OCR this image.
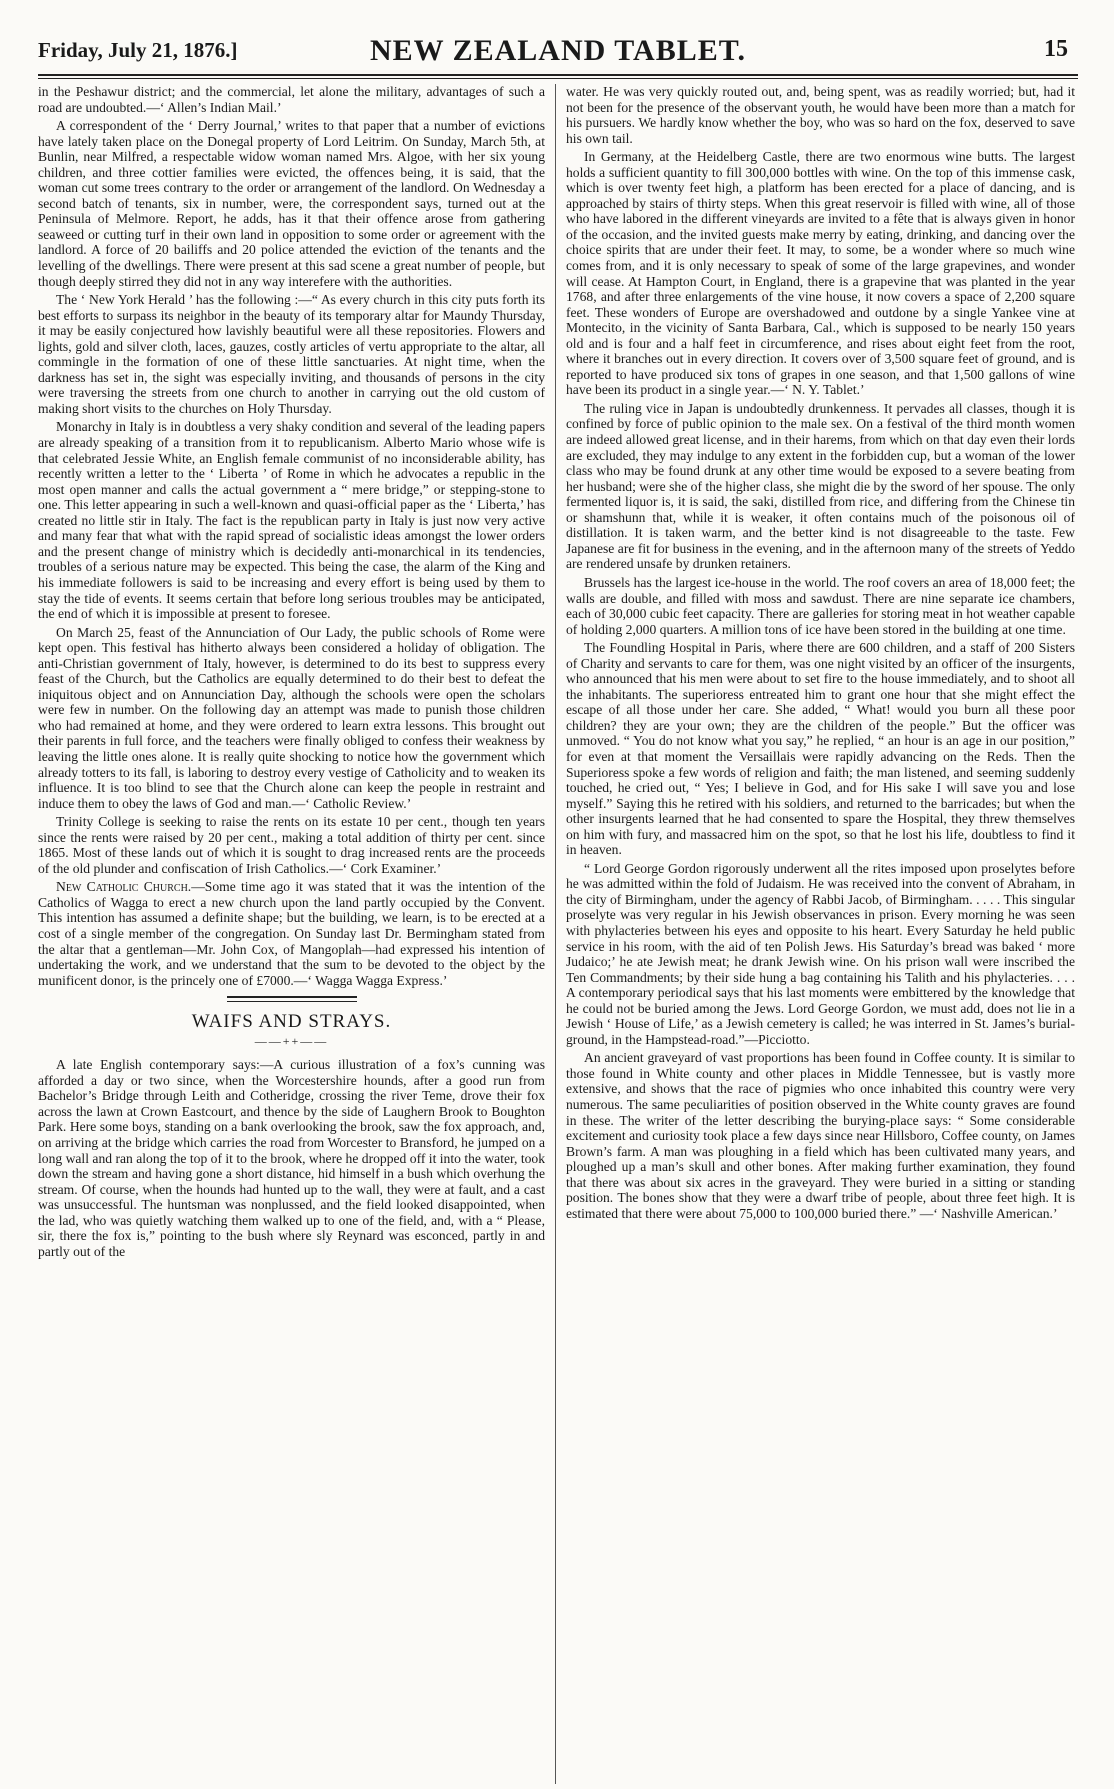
Friday, July 21, 1876.]	NEW ZEALAND TABLET.	15

in the Peshawur district; and the commercial, let alone the military, advantages of such a road are undoubted.—‘ Allen’s Indian Mail.’

A correspondent of the ‘ Derry Journal,’ writes to that paper that a number of evictions have lately taken place on the Donegal property of Lord Leitrim. On Sunday, March 5th, at Bunlin, near Milfred, a respectable widow woman named Mrs. Algoe, with her six young children, and three cottier families were evicted, the offences being, it is said, that the woman cut some trees contrary to the order or arrangement of the landlord. On Wednesday a second batch of tenants, six in number, were, the correspondent says, turned out at the Peninsula of Melmore. Report, he adds, has it that their offence arose from gathering seaweed or cutting turf in their own land in opposition to some order or agreement with the landlord. A force of 20 bailiffs and 20 police attended the eviction of the tenants and the levelling of the dwellings. There were present at this sad scene a great number of people, but though deeply stirred they did not in any way interefere with the authorities.

The ‘ New York Herald ’ has the following :—“ As every church in this city puts forth its best efforts to surpass its neighbor in the beauty of its temporary altar for Maundy Thursday, it may be easily conjectured how lavishly beautiful were all these repositories. Flowers and lights, gold and silver cloth, laces, gauzes, costly articles of vertu appropriate to the altar, all commingle in the formation of one of these little sanctuaries. At night time, when the darkness has set in, the sight was especially inviting, and thousands of persons in the city were traversing the streets from one church to another in carrying out the old custom of making short visits to the churches on Holy Thursday.

Monarchy in Italy is in doubtless a very shaky condition and several of the leading papers are already speaking of a transition from it to republicanism. Alberto Mario whose wife is that celebrated Jessie White, an English female communist of no inconsiderable ability, has recently written a letter to the ‘ Liberta ’ of Rome in which he advocates a republic in the most open manner and calls the actual government a “ mere bridge,” or stepping-stone to one. This letter appearing in such a well-known and quasi-official paper as the ‘ Liberta,’ has created no little stir in Italy. The fact is the republican party in Italy is just now very active and many fear that what with the rapid spread of socialistic ideas amongst the lower orders and the present change of ministry which is decidedly anti-monarchical in its tendencies, troubles of a serious nature may be expected. This being the case, the alarm of the King and his immediate followers is said to be increasing and every effort is being used by them to stay the tide of events. It seems certain that before long serious troubles may be anticipated, the end of which it is impossible at present to foresee.

On March 25, feast of the Annunciation of Our Lady, the public schools of Rome were kept open. This festival has hitherto always been considered a holiday of obligation. The anti-Christian government of Italy, however, is determined to do its best to suppress every feast of the Church, but the Catholics are equally determined to do their best to defeat the iniquitous object and on Annunciation Day, although the schools were open the scholars were few in number. On the following day an attempt was made to punish those children who had remained at home, and they were ordered to learn extra lessons. This brought out their parents in full force, and the teachers were finally obliged to confess their weakness by leaving the little ones alone. It is really quite shocking to notice how the government which already totters to its fall, is laboring to destroy every vestige of Catholicity and to weaken its influence. It is too blind to see that the Church alone can keep the people in restraint and induce them to obey the laws of God and man.—‘ Catholic Review.’

Trinity College is seeking to raise the rents on its estate 10 per cent., though ten years since the rents were raised by 20 per cent., making a total addition of thirty per cent. since 1865. Most of these lands out of which it is sought to drag increased rents are the proceeds of the old plunder and confiscation of Irish Catholics.—‘ Cork Examiner.’

New Catholic Church.—Some time ago it was stated that it was the intention of the Catholics of Wagga to erect a new church upon the land partly occupied by the Convent. This intention has assumed a definite shape; but the building, we learn, is to be erected at a cost of a single member of the congregation. On Sunday last Dr. Bermingham stated from the altar that a gentleman—Mr. John Cox, of Mangoplah—had expressed his intention of undertaking the work, and we understand that the sum to be devoted to the object by the munificent donor, is the princely one of £7000.—‘ Wagga Wagga Express.’

WAIFS AND STRAYS.
——++——

A late English contemporary says:—A curious illustration of a fox’s cunning was afforded a day or two since, when the Worcestershire hounds, after a good run from Bachelor’s Bridge through Leith and Cotheridge, crossing the river Teme, drove their fox across the lawn at Crown Eastcourt, and thence by the side of Laughern Brook to Boughton Park. Here some boys, standing on a bank overlooking the brook, saw the fox approach, and, on arriving at the bridge which carries the road from Worcester to Bransford, he jumped on a long wall and ran along the top of it to the brook, where he dropped off it into the water, took down the stream and having gone a short distance, hid himself in a bush which overhung the stream. Of course, when the hounds had hunted up to the wall, they were at fault, and a cast was unsuccessful. The huntsman was nonplussed, and the field looked disappointed, when the lad, who was quietly watching them walked up to one of the field, and, with a “ Please, sir, there the fox is,” pointing to the bush where sly Reynard was esconced, partly in and partly out of the

water. He was very quickly routed out, and, being spent, was as readily worried; but, had it not been for the presence of the observant youth, he would have been more than a match for his pursuers. We hardly know whether the boy, who was so hard on the fox, deserved to save his own tail.

In Germany, at the Heidelberg Castle, there are two enormous wine butts. The largest holds a sufficient quantity to fill 300,000 bottles with wine. On the top of this immense cask, which is over twenty feet high, a platform has been erected for a place of dancing, and is approached by stairs of thirty steps. When this great reservoir is filled with wine, all of those who have labored in the different vineyards are invited to a fête that is always given in honor of the occasion, and the invited guests make merry by eating, drinking, and dancing over the choice spirits that are under their feet. It may, to some, be a wonder where so much wine comes from, and it is only necessary to speak of some of the large grapevines, and wonder will cease. At Hampton Court, in England, there is a grapevine that was planted in the year 1768, and after three enlargements of the vine house, it now covers a space of 2,200 square feet. These wonders of Europe are overshadowed and outdone by a single Yankee vine at Montecito, in the vicinity of Santa Barbara, Cal., which is supposed to be nearly 150 years old and is four and a half feet in circumference, and rises about eight feet from the root, where it branches out in every direction. It covers over of 3,500 square feet of ground, and is reported to have produced six tons of grapes in one season, and that 1,500 gallons of wine have been its product in a single year.—‘ N. Y. Tablet.’

The ruling vice in Japan is undoubtedly drunkenness. It pervades all classes, though it is confined by force of public opinion to the male sex. On a festival of the third month women are indeed allowed great license, and in their harems, from which on that day even their lords are excluded, they may indulge to any extent in the forbidden cup, but a woman of the lower class who may be found drunk at any other time would be exposed to a severe beating from her husband; were she of the higher class, she might die by the sword of her spouse. The only fermented liquor is, it is said, the saki, distilled from rice, and differing from the Chinese tin or shamshunn that, while it is weaker, it often contains much of the poisonous oil of distillation. It is taken warm, and the better kind is not disagreeable to the taste. Few Japanese are fit for business in the evening, and in the afternoon many of the streets of Yeddo are rendered unsafe by drunken retainers.

Brussels has the largest ice-house in the world. The roof covers an area of 18,000 feet; the walls are double, and filled with moss and sawdust. There are nine separate ice chambers, each of 30,000 cubic feet capacity. There are galleries for storing meat in hot weather capable of holding 2,000 quarters. A million tons of ice have been stored in the building at one time.

The Foundling Hospital in Paris, where there are 600 children, and a staff of 200 Sisters of Charity and servants to care for them, was one night visited by an officer of the insurgents, who announced that his men were about to set fire to the house immediately, and to shoot all the inhabitants. The superioress entreated him to grant one hour that she might effect the escape of all those under her care. She added, “ What! would you burn all these poor children? they are your own; they are the children of the people.” But the officer was unmoved. “ You do not know what you say,” he replied, “ an hour is an age in our position,” for even at that moment the Versaillais were rapidly advancing on the Reds. Then the Superioress spoke a few words of religion and faith; the man listened, and seeming suddenly touched, he cried out, “ Yes; I believe in God, and for His sake I will save you and lose myself.” Saying this he retired with his soldiers, and returned to the barricades; but when the other insurgents learned that he had consented to spare the Hospital, they threw themselves on him with fury, and massacred him on the spot, so that he lost his life, doubtless to find it in heaven.

“ Lord George Gordon rigorously underwent all the rites imposed upon proselytes before he was admitted within the fold of Judaism. He was received into the convent of Abraham, in the city of Birmingham, under the agency of Rabbi Jacob, of Birmingham. . . . . This singular proselyte was very regular in his Jewish observances in prison. Every morning he was seen with phylacteries between his eyes and opposite to his heart. Every Saturday he held public service in his room, with the aid of ten Polish Jews. His Saturday’s bread was baked ‘ more Judaico;’ he ate Jewish meat; he drank Jewish wine. On his prison wall were inscribed the Ten Commandments; by their side hung a bag containing his Talith and his phylacteries. . . . A contemporary periodical says that his last moments were embittered by the knowledge that he could not be buried among the Jews. Lord George Gordon, we must add, does not lie in a Jewish ‘ House of Life,’ as a Jewish cemetery is called; he was interred in St. James’s burial-ground, in the Hampstead-road.”—Picciotto.

An ancient graveyard of vast proportions has been found in Coffee county. It is similar to those found in White county and other places in Middle Tennessee, but is vastly more extensive, and shows that the race of pigmies who once inhabited this country were very numerous. The same peculiarities of position observed in the White county graves are found in these. The writer of the letter describing the burying-place says: “ Some considerable excitement and curiosity took place a few days since near Hillsboro, Coffee county, on James Brown’s farm. A man was ploughing in a field which has been cultivated many years, and ploughed up a man’s skull and other bones. After making further examination, they found that there was about six acres in the graveyard. They were buried in a sitting or standing position. The bones show that they were a dwarf tribe of people, about three feet high. It is estimated that there were about 75,000 to 100,000 buried there.” —‘ Nashville American.’
